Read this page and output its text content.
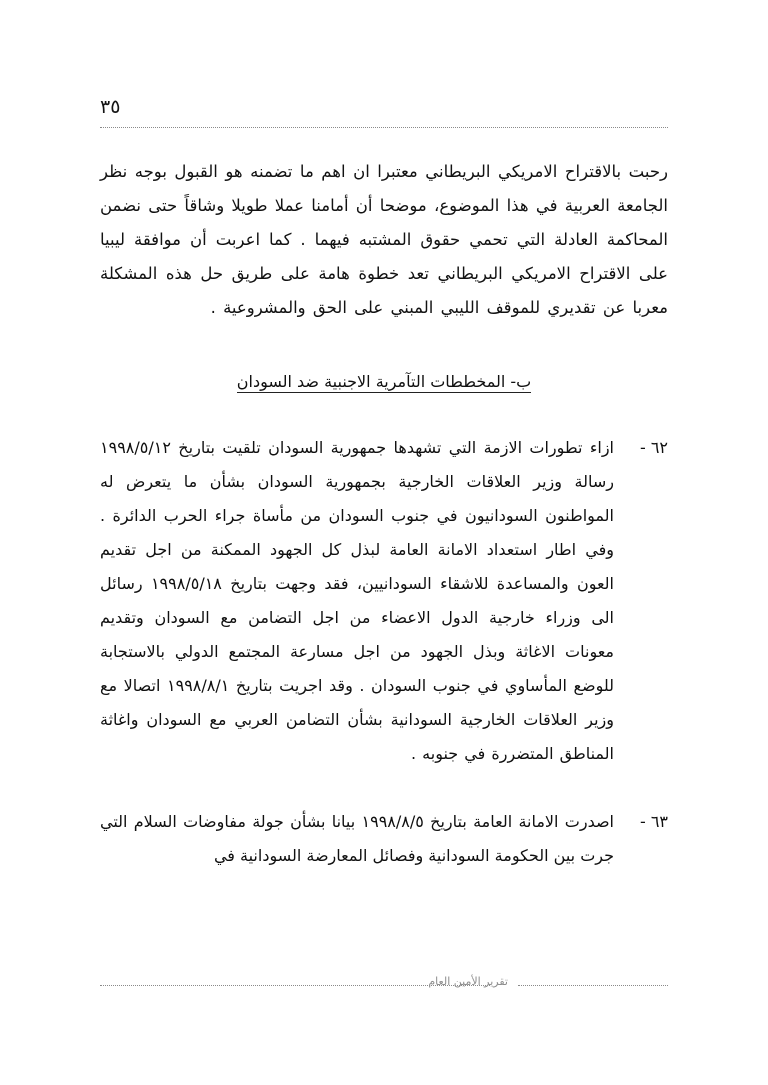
٣٥

رحبت بالاقتراح الامريكي البريطاني معتبرا ان اهم ما تضمنه هو القبول بوجه نظر الجامعة العربية في هذا الموضوع، موضحا أن أمامنا عملا طويلا وشاقاً حتى نضمن المحاكمة العادلة التي تحمي حقوق المشتبه فيهما . كما اعربت أن موافقة ليبيا على الاقتراح الامريكي البريطاني تعد خطوة هامة على طريق حل هذه المشكلة معربا عن تقديري للموقف الليبي المبني على الحق والمشروعية .

ب- المخططات التآمرية الاجنبية ضد السودان
٦٢ -
ازاء تطورات الازمة التي تشهدها جمهورية السودان تلقيت بتاريخ ١٩٩٨/٥/١٢ رسالة وزير العلاقات الخارجية بجمهورية السودان بشأن ما يتعرض له المواطنون السودانيون في جنوب السودان من مأساة جراء الحرب الدائرة . وفي اطار استعداد الامانة العامة لبذل كل الجهود الممكنة من اجل تقديم العون والمساعدة للاشقاء السودانيين، فقد وجهت بتاريخ ١٩٩٨/٥/١٨ رسائل الى وزراء خارجية الدول الاعضاء من اجل التضامن مع السودان وتقديم معونات الاغاثة وبذل الجهود من اجل مسارعة المجتمع الدولي بالاستجابة للوضع المأساوي في جنوب السودان . وقد اجريت بتاريخ ١٩٩٨/٨/١ اتصالا مع وزير العلاقات الخارجية السودانية بشأن التضامن العربي مع السودان واغاثة المناطق المتضررة في جنوبه .
٦٣ -
اصدرت الامانة العامة بتاريخ ١٩٩٨/٨/٥ بيانا بشأن جولة مفاوضات السلام التي جرت بين الحكومة السودانية وفصائل المعارضة السودانية في
تقرير الأمين العام
